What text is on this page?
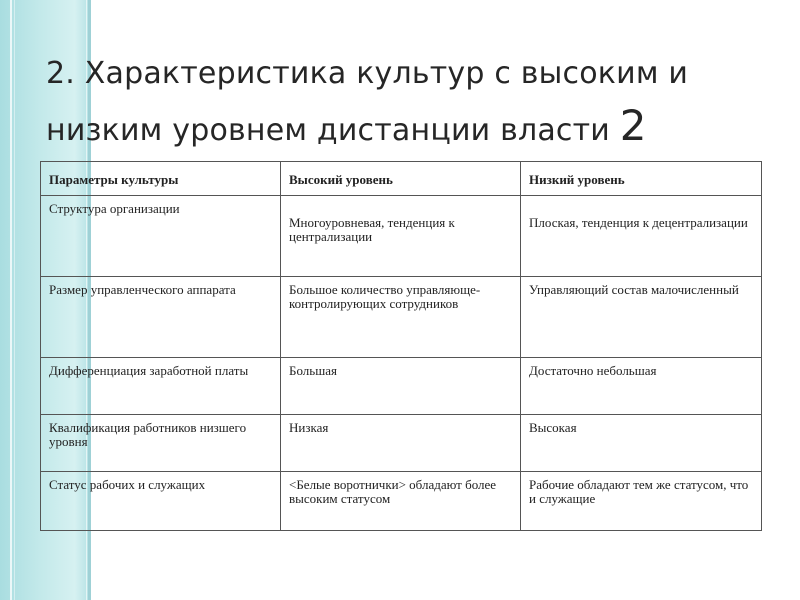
2. Характеристика культур с высоким и низким уровнем дистанции власти 2
Параметры культуры	Высокий уровень	Низкий уровень
Структура организации	Многоуровневая, тенденция к централизации	Плоская, тенденция к децентрализации

Размер управленческого аппарата	Большое количество управляюще-контролирующих сотрудников	Управляющий состав малочисленный
Дифференциация заработной платы	Большая	Достаточно небольшая
Квалификация работников низшего уровня	Низкая	Высокая
Статус рабочих и служащих	<Белые воротнички> обладают более высоким статусом	Рабочие обладают тем же статусом, что и служащие
